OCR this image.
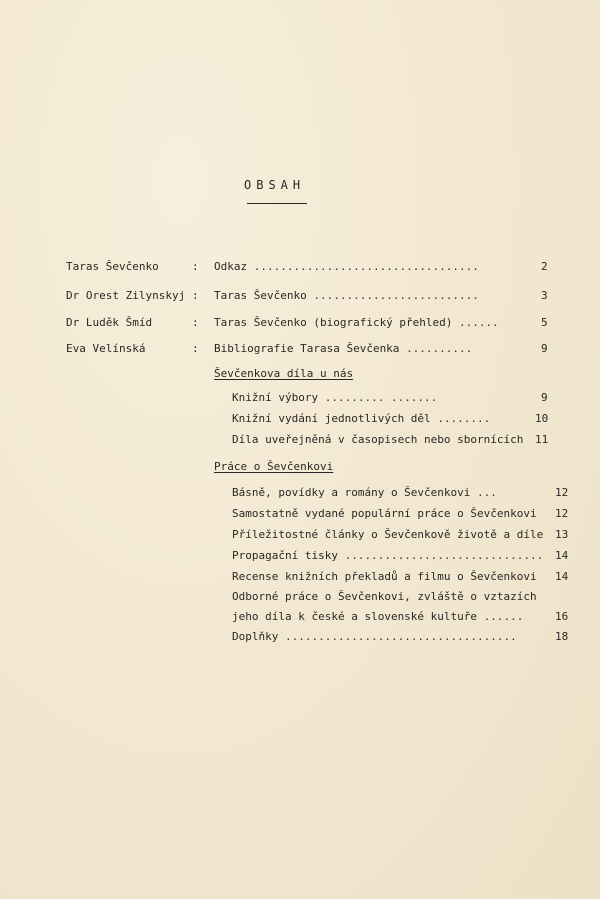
OBSAH
Taras Ševčenko	: Odkaz ..................................	2
Dr Orest Zilynskyj : Taras Ševčenko .........................	3
Dr Luděk Šmíd	: Taras Ševčenko (biografický přehled) ......	5
Eva Velínská	: Bibliografie Tarasa Ševčenka ..........	9
Ševčenkova díla u nás
Knižní výbory ......... .......	9
Knižní vydání jednotlivých děl ........	10
Díla uveřejněná v časopisech nebo sbornících 11
Práce o Ševčenkovi
Básně, povídky a romány o Ševčenkovi ...	12
Samostatně vydané populární práce o Ševčenkovi 12
Příležitostné články o Ševčenkově životě a díle 13
Propagační tisky .............................. 14
Recense knižních překladů a filmu o Ševčenkovi 14
Odborné práce o Ševčenkovi, zvláště o vztazích
jeho díla k české a slovenské kultuře ......	16
Doplňky ...................................	18
